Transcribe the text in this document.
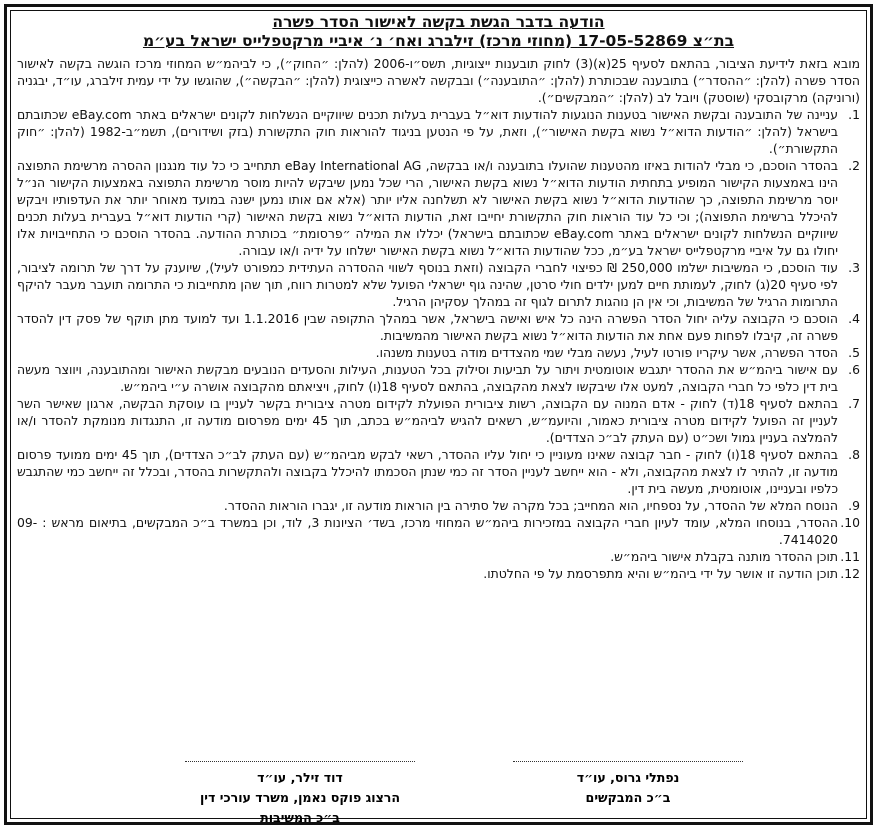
הודעה בדבר הגשת בקשה לאישור הסדר פשרה

בת״צ 17-05-52869 (מחוזי מרכז) זילברג ואח׳ נ׳ איביי מרקטפלייס ישראל בע״מ

מובא בזאת לידיעת הציבור, בהתאם לסעיף 25(א)(3) לחוק תובענות ייצוגיות, תשס״ו-2006 (להלן: ״החוק״), כי לביהמ״ש המחוזי מרכז הוגשה בקשה לאישור הסדר פשרה (להלן: ״ההסדר״) בתובענה שבכותרת (להלן: ״התובענה״) ובבקשה לאשרה כייצוגית (להלן: ״הבקשה״), שהוגשו על ידי עמית זילברג, עו״ד, יבגניה (ורוניקה) מרקובסקי (שוסטק) ויובל לב (להלן: ״המבקשים״).

1.
עניינה של התובענה ובקשת האישור בטענות הנוגעות להודעות דוא״ל בעברית בעלות תכנים שיווקיים הנשלחות לקונים ישראלים באתר eBay.com שכתובתם בישראל (להלן: ״הודעות הדוא״ל נשוא בקשת האישור״), וזאת, על פי הנטען בניגוד להוראות חוק התקשורת (בזק ושידורים), תשמ״ב-1982 (להלן: ״חוק התקשורת״).
2.
בהסדר הוסכם, כי מבלי להודות באיזו מהטענות שהועלו בתובענה ו/או בבקשה, eBay International AG תתחייב כי כל עוד מנגנון ההסרה מרשימת התפוצה הינו באמצעות הקישור המופיע בתחתית הודעות הדוא״ל נשוא בקשת האישור, הרי שכל נמען שיבקש להיות מוסר מרשימת התפוצה באמצעות הקישור הנ״ל יוסר מרשימת התפוצה, כך שהודעות הדוא״ל נשוא בקשת האישור לא תשלחנה אליו יותר (אלא אם אותו נמען ישנה במועד מאוחר יותר את העדפותיו ויבקש להיכלל ברשימת התפוצה); וכי כל עוד הוראות חוק התקשורת יחייבו זאת, הודעות הדוא״ל נשוא בקשת האישור (קרי הודעות דוא״ל בעברית בעלות תכנים שיווקיים הנשלחות לקונים ישראלים באתר eBay.com שכתובתם בישראל) יכללו את המילה ״פרסומת״ בכותרת ההודעה. בהסדר הוסכם כי התחייבויות אלו יחולו גם על איביי מרקטפלייס ישראל בע״מ, ככל שהודעות הדוא״ל נשוא בקשת האישור ישלחו על ידיה ו/או עבורה.
3.
עוד הוסכם, כי המשיבות ישלמו 250,000 ₪ כפיצוי לחברי הקבוצה (וזאת בנוסף לשווי ההסדרה העתידית כמפורט לעיל), שיוענק על דרך של תרומה לציבור, לפי סעיף 20(ג) לחוק, לעמותת חיים למען ילדים חולי סרטן, שהינה גוף ישראלי הפועל שלא למטרות רווח, תוך שהן מתחייבות כי התרומה תועבר מעבר להיקף התרומות הרגיל של המשיבות, וכי אין הן נוהגות לתרום לגוף זה במהלך עסקיהן הרגיל.
4.
הוסכם כי הקבוצה עליה יחול הסדר הפשרה הינה כל איש ואישה בישראל, אשר במהלך התקופה שבין 1.1.2016 ועד למועד מתן תוקף של פסק דין להסדר פשרה זה, קיבלו לפחות פעם אחת את הודעות הדוא״ל נשוא בקשת האישור מהמשיבות.
5.
הסדר הפשרה, אשר עיקריו פורטו לעיל, נעשה מבלי שמי מהצדדים מודה בטענות משנהו.
6.
עם אישור ביהמ״ש את ההסדר יתגבש אוטומטית ויתור על תביעות וסילוק בכל הטענות, העילות והסעדים הנובעים מבקשת האישור ומהתובענה, ויווצר מעשה בית דין כלפי כל חברי הקבוצה, למעט אלו שיבקשו לצאת מהקבוצה, בהתאם לסעיף 18(ו) לחוק, ויציאתם מהקבוצה אושרה ע״י ביהמ״ש.
7.
בהתאם לסעיף 18(ד) לחוק - אדם המנוה עם הקבוצה, רשות ציבורית הפועלת לקידום מטרה ציבורית בקשר לעניין בו עוסקת הבקשה, ארגון שאישר השר לעניין זה הפועל לקידום מטרה ציבורית כאמור, והיועמ״ש, רשאים להגיש לביהמ״ש בכתב, תוך 45 ימים מפרסום מודעה זו, התנגדות מנומקת להסדר ו/או להמלצה בעניין גמול ושכ״ט (עם העתק לב״כ הצדדים).
8.
בהתאם לסעיף 18(ו) לחוק - חבר קבוצה שאינו מעוניין כי יחול עליו ההסדר, רשאי לבקש מביהמ״ש (עם העתק לב״כ הצדדים), תוך 45 ימים ממועד פרסום מודעה זו, להתיר לו לצאת מהקבוצה, ולא - הוא ייחשב לעניין הסדר זה כמי שנתן הסכמתו להיכלל בקבוצה ולהתקשרות בהסדר, ובכלל זה ייחשב כמי שהתגבש כלפיו ובעניינו, אוטומטית, מעשה בית דין.
9.
הנוסח המלא של ההסדר, על נספחיו, הוא המחייב; בכל מקרה של סתירה בין הוראות מודעה זו, יגברו הוראות ההסדר.
10.
ההסדר, בנוסחו המלא, עומד לעיון חברי הקבוצה במזכירות ביהמ״ש המחוזי מרכז, בשד׳ הציונות 3, לוד, וכן במשרד ב״כ המבקשים, בתיאום מראש : 09-7414020.
11.
תוכן ההסדר מותנה בקבלת אישור ביהמ״ש.
12.
תוכן הודעה זו אושר על ידי ביהמ״ש והיא מתפרסמת על פי החלטתו.
נפתלי גרוס, עו״ד
ב״כ המבקשים
דוד זילר, עו״ד
הרצוג פוקס נאמן, משרד עורכי דין
ב״כ המשיבות
